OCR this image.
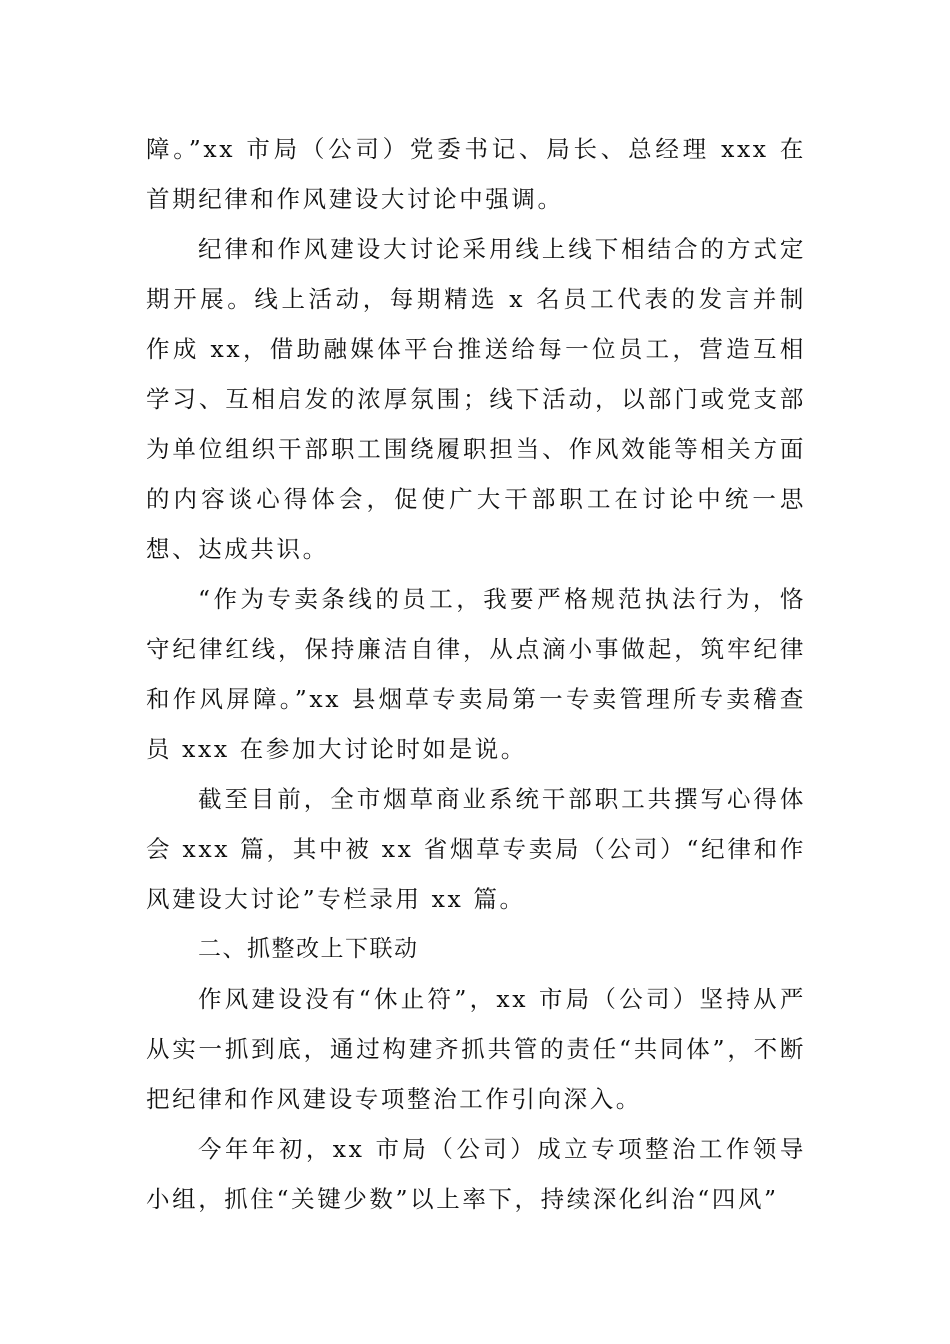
障。”xx 市局（公司）党委书记、局长、总经理 xxx 在首期纪律和作风建设大讨论中强调。

纪律和作风建设大讨论采用线上线下相结合的方式定期开展。线上活动，每期精选 x 名员工代表的发言并制作成 xx，借助融媒体平台推送给每一位员工，营造互相学习、互相启发的浓厚氛围；线下活动，以部门或党支部为单位组织干部职工围绕履职担当、作风效能等相关方面的内容谈心得体会，促使广大干部职工在讨论中统一思想、达成共识。

“作为专卖条线的员工，我要严格规范执法行为，恪守纪律红线，保持廉洁自律，从点滴小事做起，筑牢纪律和作风屏障。”xx 县烟草专卖局第一专卖管理所专卖稽查员 xxx 在参加大讨论时如是说。

截至目前，全市烟草商业系统干部职工共撰写心得体会 xxx 篇，其中被 xx 省烟草专卖局（公司）“纪律和作风建设大讨论”专栏录用 xx 篇。

二、抓整改上下联动

作风建设没有“休止符”，xx 市局（公司）坚持从严从实一抓到底，通过构建齐抓共管的责任“共同体”，不断把纪律和作风建设专项整治工作引向深入。

今年年初，xx 市局（公司）成立专项整治工作领导小组，抓住“关键少数”以上率下，持续深化纠治“四风”
